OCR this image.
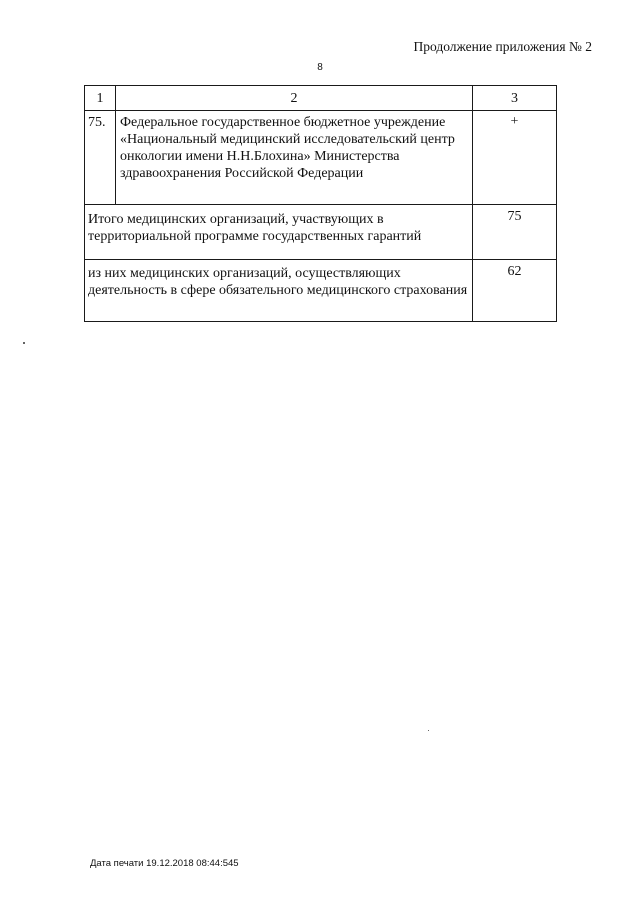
Продолжение приложения № 2
8
1	2	3
75.	Федеральное государственное бюджетное учреждение «Национальный медицинский исследовательский центр онкологии имени Н.Н.Блохина» Министерства здравоохранения Российской Федерации	+
Итого медицинских организаций, участвующих в территориальной программе государственных гарантий		75
из них медицинских организаций, осуществляющих деятельность в сфере обязательного медицинского страхования		62
Дата печати 19.12.2018 08:44:545
